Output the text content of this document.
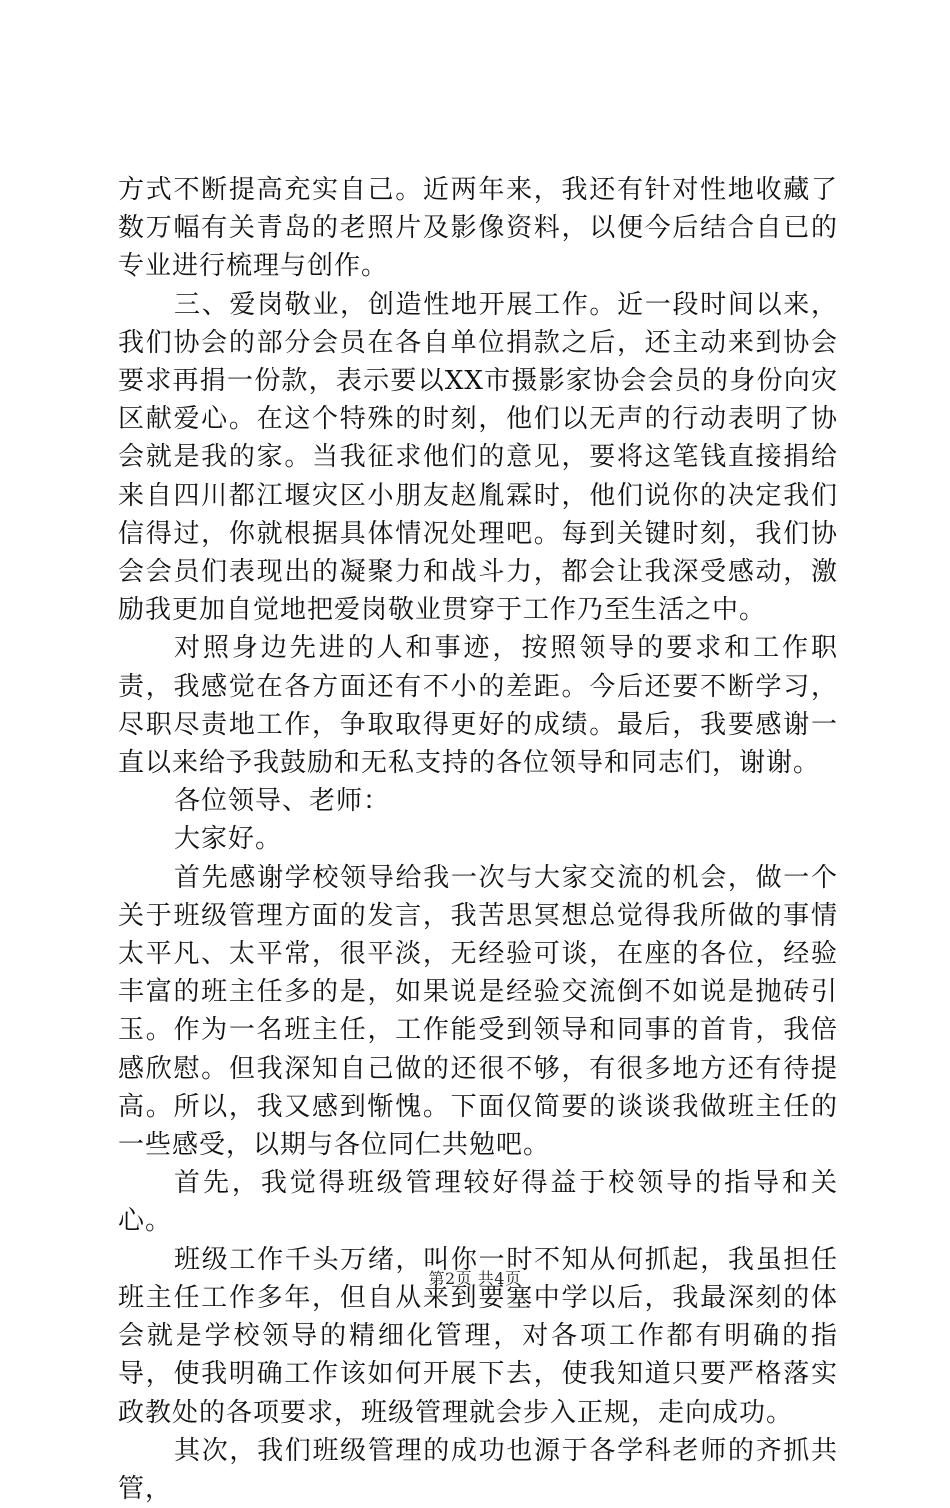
方式不断提高充实自己。近两年来，我还有针对性地收藏了数万幅有关青岛的老照片及影像资料，以便今后结合自已的专业进行梳理与创作。

三、爱岗敬业，创造性地开展工作。近一段时间以来，我们协会的部分会员在各自单位捐款之后，还主动来到协会要求再捐一份款，表示要以XX市摄影家协会会员的身份向灾区献爱心。在这个特殊的时刻，他们以无声的行动表明了协会就是我的家。当我征求他们的意见，要将这笔钱直接捐给来自四川都江堰灾区小朋友赵胤霖时，他们说你的决定我们信得过，你就根据具体情况处理吧。每到关键时刻，我们协会会员们表现出的凝聚力和战斗力，都会让我深受感动，激励我更加自觉地把爱岗敬业贯穿于工作乃至生活之中。

对照身边先进的人和事迹，按照领导的要求和工作职责，我感觉在各方面还有不小的差距。今后还要不断学习，尽职尽责地工作，争取取得更好的成绩。最后，我要感谢一直以来给予我鼓励和无私支持的各位领导和同志们，谢谢。

各位领导、老师：

大家好。

首先感谢学校领导给我一次与大家交流的机会，做一个关于班级管理方面的发言，我苦思冥想总觉得我所做的事情太平凡、太平常，很平淡，无经验可谈，在座的各位，经验丰富的班主任多的是，如果说是经验交流倒不如说是抛砖引玉。作为一名班主任，工作能受到领导和同事的首肯，我倍感欣慰。但我深知自己做的还很不够，有很多地方还有待提高。所以，我又感到惭愧。下面仅简要的谈谈我做班主任的一些感受，以期与各位同仁共勉吧。

首先，我觉得班级管理较好得益于校领导的指导和关心。

班级工作千头万绪，叫你一时不知从何抓起，我虽担任班主任工作多年，但自从来到要塞中学以后，我最深刻的体会就是学校领导的精细化管理，对各项工作都有明确的指导，使我明确工作该如何开展下去，使我知道只要严格落实政教处的各项要求，班级管理就会步入正规，走向成功。

其次，我们班级管理的成功也源于各学科老师的齐抓共管，

第2页 共4页
